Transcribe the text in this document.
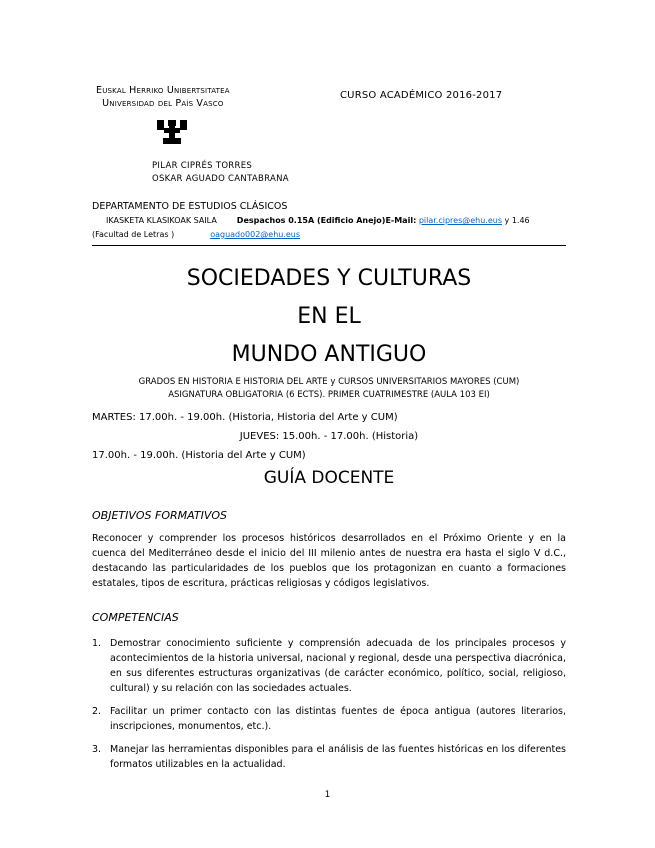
Euskal Herriko Unibertsitatea
Universidad del País Vasco
CURSO ACADÉMICO 2016-2017
PILAR CIPRÉS TORRES
OSKAR AGUADO CANTABRANA
DEPARTAMENTO DE ESTUDIOS CLÁSICOS
IKASKETA KLASIKOAK SAILA	Despachos 0.15A (Edificio Anejo)E-Mail: pilar.cipres@ehu.eus y 1.46
(Facultad de Letras )	oaguado002@ehu.eus
SOCIEDADES Y CULTURAS
EN EL
MUNDO ANTIGUO
GRADOS EN HISTORIA E HISTORIA DEL ARTE y CURSOS UNIVERSITARIOS MAYORES (CUM)
ASIGNATURA OBLIGATORIA (6 ECTS). PRIMER CUATRIMESTRE (AULA 103 EI)
MARTES: 17.00h. - 19.00h. (Historia, Historia del Arte y CUM)
JUEVES: 15.00h. - 17.00h. (Historia)
17.00h. - 19.00h. (Historia del Arte y CUM)
GUÍA DOCENTE
OBJETIVOS FORMATIVOS

Reconocer y comprender los procesos históricos desarrollados en el Próximo Oriente y en la cuenca del Mediterráneo desde el inicio del III milenio antes de nuestra era hasta el siglo V d.C., destacando las particularidades de los pueblos que los protagonizan en cuanto a formaciones estatales, tipos de escritura, prácticas religiosas y códigos legislativos.

COMPETENCIAS
1. Demostrar conocimiento suficiente y comprensión adecuada de los principales procesos y acontecimientos de la historia universal, nacional y regional, desde una perspectiva diacrónica, en sus diferentes estructuras organizativas (de carácter económico, político, social, religioso, cultural) y su relación con las sociedades actuales.
2. Facilitar un primer contacto con las distintas fuentes de época antigua (autores literarios, inscripciones, monumentos, etc.).
3. Manejar las herramientas disponibles para el análisis de las fuentes históricas en los diferentes formatos utilizables en la actualidad.
1
